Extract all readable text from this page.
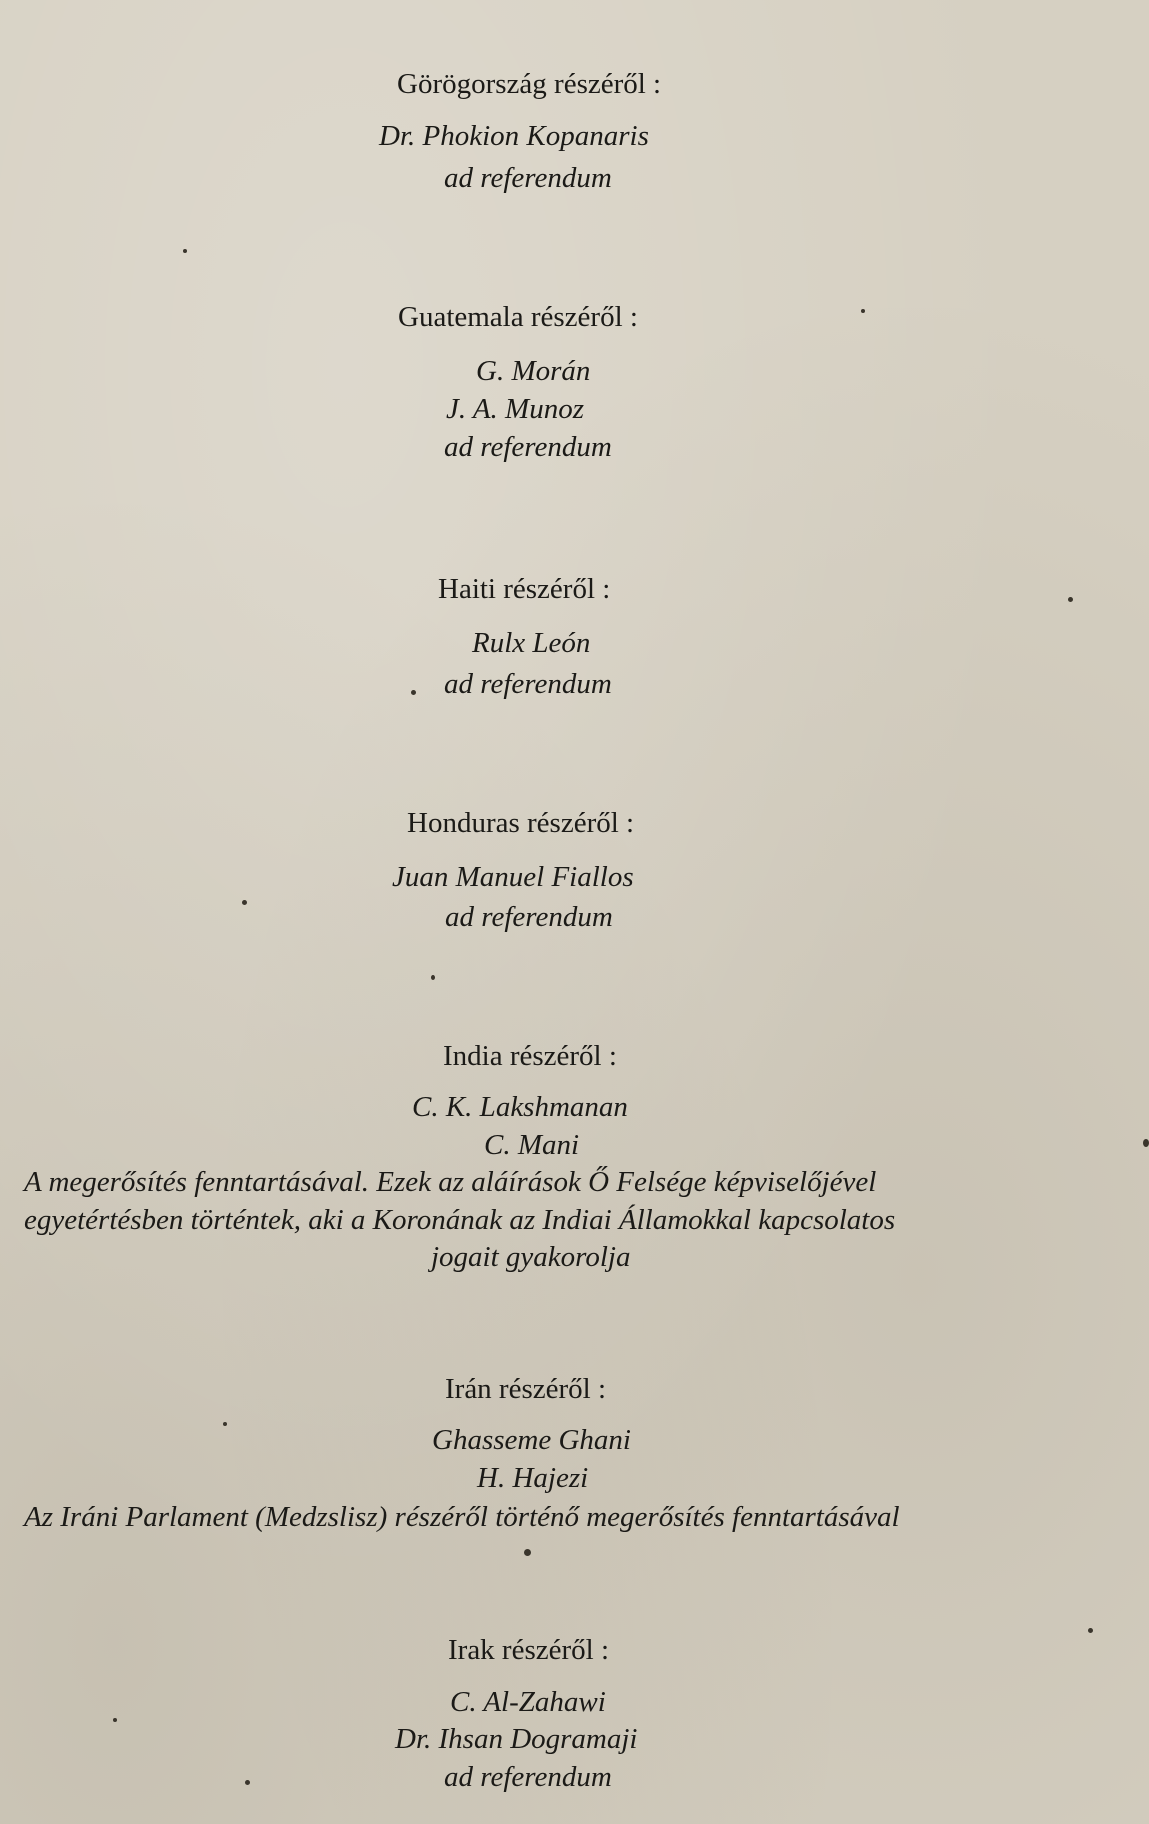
Görögország részéről :
Dr. Phokion Kopanaris
ad referendum
Guatemala részéről :
G. Morán
J. A. Munoz
ad referendum
Haiti részéről :
Rulx León
ad referendum
Honduras részéről :
Juan Manuel Fiallos
ad referendum
India részéről :
C. K. Lakshmanan
C. Mani
A megerősítés fenntartásával. Ezek az aláírások Ő Felsége képviselőjével
egyetértésben történtek, aki a Koronának az Indiai Államokkal kapcsolatos
jogait gyakorolja
Irán részéről :
Ghasseme Ghani
H. Hajezi
Az Iráni Parlament (Medzslisz) részéről történő megerősítés fenntartásával
Irak részéről :
C. Al-Zahawi
Dr. Ihsan Dogramaji
ad referendum
